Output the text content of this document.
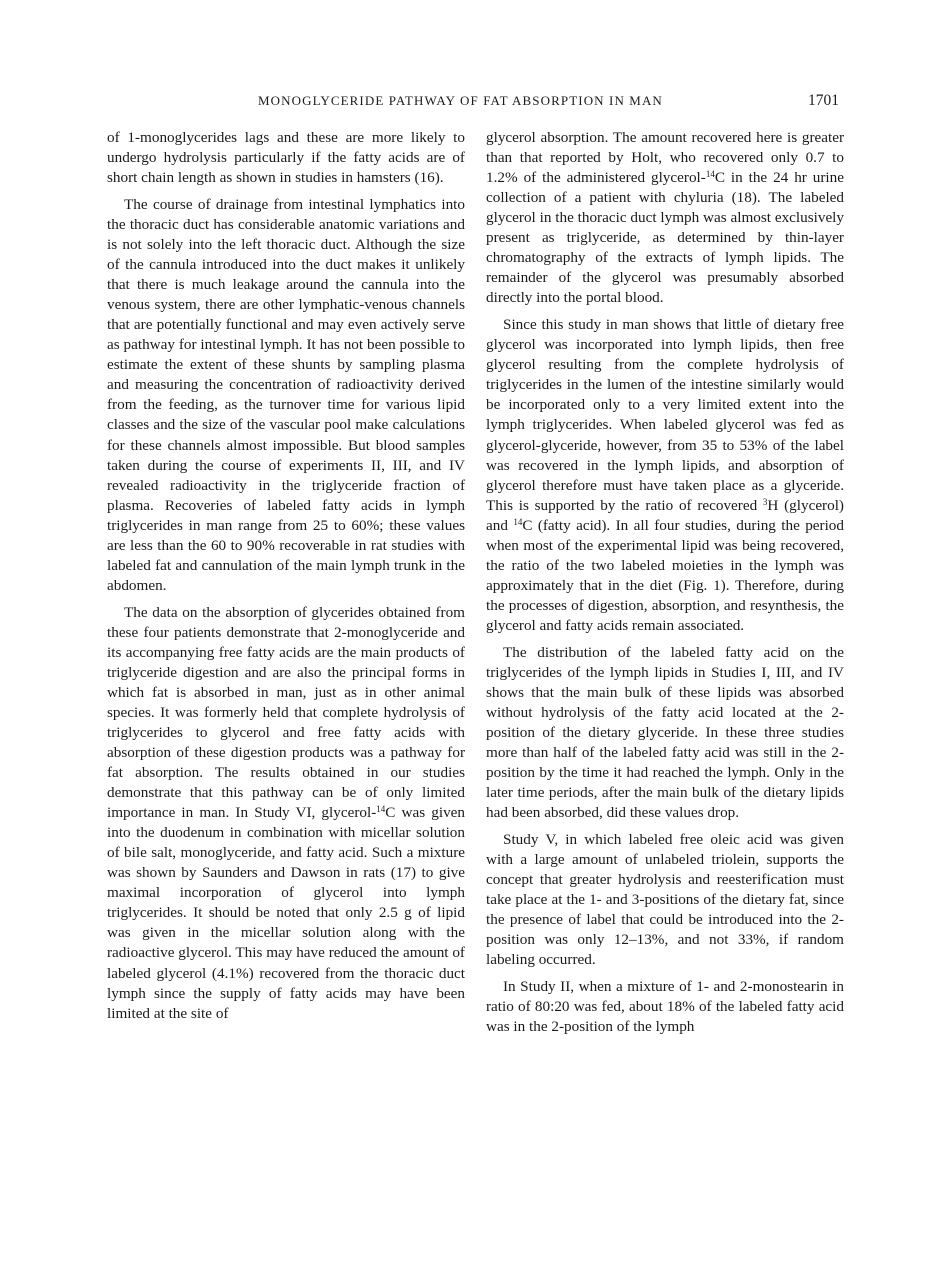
MONOGLYCERIDE PATHWAY OF FAT ABSORPTION IN MAN	1701

of 1-monoglycerides lags and these are more likely to undergo hydrolysis particularly if the fatty acids are of short chain length as shown in studies in hamsters (16).

The course of drainage from intestinal lymphatics into the thoracic duct has considerable anatomic variations and is not solely into the left thoracic duct. Although the size of the cannula introduced into the duct makes it unlikely that there is much leakage around the cannula into the venous system, there are other lymphatic-venous channels that are potentially functional and may even actively serve as pathway for intestinal lymph. It has not been possible to estimate the extent of these shunts by sampling plasma and measuring the concentration of radioactivity derived from the feeding, as the turnover time for various lipid classes and the size of the vascular pool make calculations for these channels almost impossible. But blood samples taken during the course of experiments II, III, and IV revealed radioactivity in the triglyceride fraction of plasma. Recoveries of labeled fatty acids in lymph triglycerides in man range from 25 to 60%; these values are less than the 60 to 90% recoverable in rat studies with labeled fat and cannulation of the main lymph trunk in the abdomen.

The data on the absorption of glycerides obtained from these four patients demonstrate that 2-monoglyceride and its accompanying free fatty acids are the main products of triglyceride digestion and are also the principal forms in which fat is absorbed in man, just as in other animal species. It was formerly held that complete hydrolysis of triglycerides to glycerol and free fatty acids with absorption of these digestion products was a pathway for fat absorption. The results obtained in our studies demonstrate that this pathway can be of only limited importance in man. In Study VI, glycerol-$^{14}$C was given into the duodenum in combination with micellar solution of bile salt, monoglyceride, and fatty acid. Such a mixture was shown by Saunders and Dawson in rats (17) to give maximal incorporation of glycerol into lymph triglycerides. It should be noted that only 2.5 g of lipid was given in the micellar solution along with the radioactive glycerol. This may have reduced the amount of labeled glycerol (4.1%) recovered from the thoracic duct lymph since the supply of fatty acids may have been limited at the site of

glycerol absorption. The amount recovered here is greater than that reported by Holt, who recovered only 0.7 to 1.2% of the administered glycerol-$^{14}$C in the 24 hr urine collection of a patient with chyluria (18). The labeled glycerol in the thoracic duct lymph was almost exclusively present as triglyceride, as determined by thin-layer chromatography of the extracts of lymph lipids. The remainder of the glycerol was presumably absorbed directly into the portal blood.

Since this study in man shows that little of dietary free glycerol was incorporated into lymph lipids, then free glycerol resulting from the complete hydrolysis of triglycerides in the lumen of the intestine similarly would be incorporated only to a very limited extent into the lymph triglycerides. When labeled glycerol was fed as glycerol-glyceride, however, from 35 to 53% of the label was recovered in the lymph lipids, and absorption of glycerol therefore must have taken place as a glyceride. This is supported by the ratio of recovered $^3$H (glycerol) and $^{14}$C (fatty acid). In all four studies, during the period when most of the experimental lipid was being recovered, the ratio of the two labeled moieties in the lymph was approximately that in the diet (Fig. 1). Therefore, during the processes of digestion, absorption, and resynthesis, the glycerol and fatty acids remain associated.

The distribution of the labeled fatty acid on the triglycerides of the lymph lipids in Studies I, III, and IV shows that the main bulk of these lipids was absorbed without hydrolysis of the fatty acid located at the 2-position of the dietary glyceride. In these three studies more than half of the labeled fatty acid was still in the 2-position by the time it had reached the lymph. Only in the later time periods, after the main bulk of the dietary lipids had been absorbed, did these values drop.

Study V, in which labeled free oleic acid was given with a large amount of unlabeled triolein, supports the concept that greater hydrolysis and reesterification must take place at the 1- and 3-positions of the dietary fat, since the presence of label that could be introduced into the 2-position was only 12–13%, and not 33%, if random labeling occurred.

In Study II, when a mixture of 1- and 2-monostearin in ratio of 80:20 was fed, about 18% of the labeled fatty acid was in the 2-position of the lymph
